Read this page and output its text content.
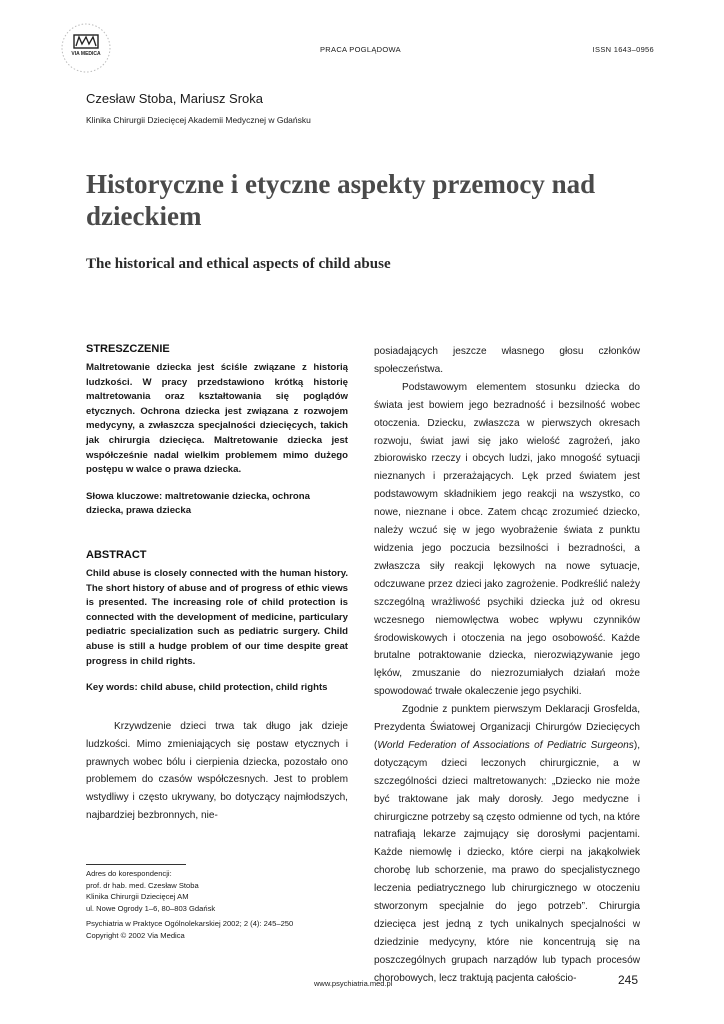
VIA MEDICA	PRACA POGLĄDOWA	ISSN 1643–0956
Czesław Stoba, Mariusz Sroka
Klinika Chirurgii Dziecięcej Akademii Medycznej w Gdańsku
Historyczne i etyczne aspekty przemocy nad dzieckiem
The historical and ethical aspects of child abuse
STRESZCZENIE

Maltretowanie dziecka jest ściśle związane z historią ludzkości. W pracy przedstawiono krótką historię maltretowania oraz kształtowania się poglądów etycznych. Ochrona dziecka jest związana z rozwojem medycyny, a zwłaszcza specjalności dziecięcych, takich jak chirurgia dziecięca. Maltretowanie dziecka jest współcześnie nadal wielkim problemem mimo dużego postępu w walce o prawa dziecka.

Słowa kluczowe: maltretowanie dziecka, ochrona dziecka, prawa dziecka

ABSTRACT

Child abuse is closely connected with the human history. The short history of abuse and of progress of ethic views is presented. The increasing role of child protection is connected with the development of medicine, particulary pediatric specialization such as pediatric surgery. Child abuse is still a hudge problem of our time despite great progress in child rights.

Key words: child abuse, child protection, child rights

Krzywdzenie dzieci trwa tak długo jak dzieje ludzkości. Mimo zmieniających się postaw etycznych i prawnych wobec bólu i cierpienia dziecka, pozostało ono problemem do czasów współczesnych. Jest to problem wstydliwy i często ukrywany, bo dotyczący najmłodszych, najbardziej bezbronnych, nie-

posiadających jeszcze własnego głosu członków społeczeństwa.

Podstawowym elementem stosunku dziecka do świata jest bowiem jego bezradność i bezsilność wobec otoczenia. Dziecku, zwłaszcza w pierwszych okresach rozwoju, świat jawi się jako wielość zagrożeń, jako zbiorowisko rzeczy i obcych ludzi, jako mnogość sytuacji nieznanych i przerażających. Lęk przed światem jest podstawowym składnikiem jego reakcji na wszystko, co nowe, nieznane i obce. Zatem chcąc zrozumieć dziecko, należy wczuć się w jego wyobrażenie świata z punktu widzenia jego poczucia bezsilności i bezradności, a zwłaszcza siły reakcji lękowych na nowe sytuacje, odczuwane przez dzieci jako zagrożenie. Podkreślić należy szczególną wrażliwość psychiki dziecka już od okresu wczesnego niemowlęctwa wobec wpływu czynników środowiskowych i otoczenia na jego osobowość. Każde brutalne potraktowanie dziecka, nierozwiązywanie jego lęków, zmuszanie do niezrozumiałych działań może spowodować trwałe okaleczenie jego psychiki.

Zgodnie z punktem pierwszym Deklaracji Grosfelda, Prezydenta Światowej Organizacji Chirurgów Dziecięcych (World Federation of Associations of Pediatric Surgeons), dotyczącym dzieci leczonych chirurgicznie, a w szczególności dzieci maltretowanych: „Dziecko nie może być traktowane jak mały dorosły. Jego medyczne i chirurgiczne potrzeby są często odmienne od tych, na które natrafiają lekarze zajmujący się dorosłymi pacjentami. Każde niemowlę i dziecko, które cierpi na jakąkolwiek chorobę lub schorzenie, ma prawo do specjalistycznego leczenia pediatrycznego lub chirurgicznego w otoczeniu stworzonym specjalnie do jego potrzeb”. Chirurgia dziecięca jest jedną z tych unikalnych specjalności w dziedzinie medycyny, które nie koncentrują się na poszczególnych grupach narządów lub typach procesów chorobowych, lecz traktują pacjenta całościo-

Adres do korespondencji:
prof. dr hab. med. Czesław Stoba
Klinika Chirurgii Dziecięcej AM
ul. Nowe Ogrody 1–6, 80–803 Gdańsk
Psychiatria w Praktyce Ogólnolekarskiej 2002; 2 (4): 245–250
Copyright © 2002 Via Medica
www.psychiatria.med.pl	245
